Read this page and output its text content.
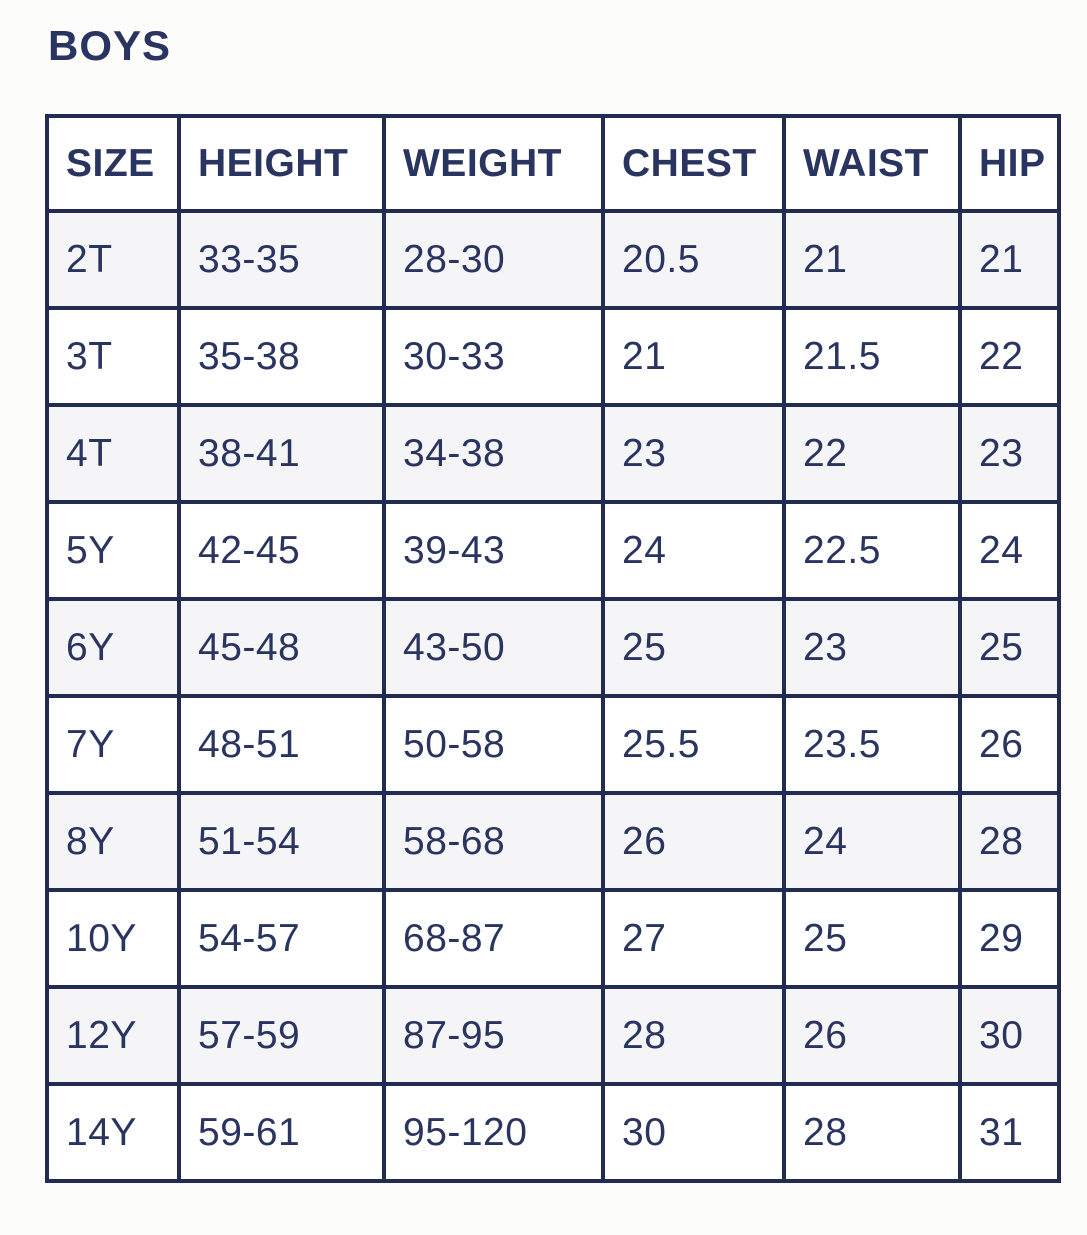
BOYS
SIZE	HEIGHT	WEIGHT	CHEST	WAIST	HIP
2T	33-35	28-30	20.5	21	21
3T	35-38	30-33	21	21.5	22
4T	38-41	34-38	23	22	23
5Y	42-45	39-43	24	22.5	24
6Y	45-48	43-50	25	23	25
7Y	48-51	50-58	25.5	23.5	26
8Y	51-54	58-68	26	24	28
10Y	54-57	68-87	27	25	29
12Y	57-59	87-95	28	26	30
14Y	59-61	95-120	30	28	31
